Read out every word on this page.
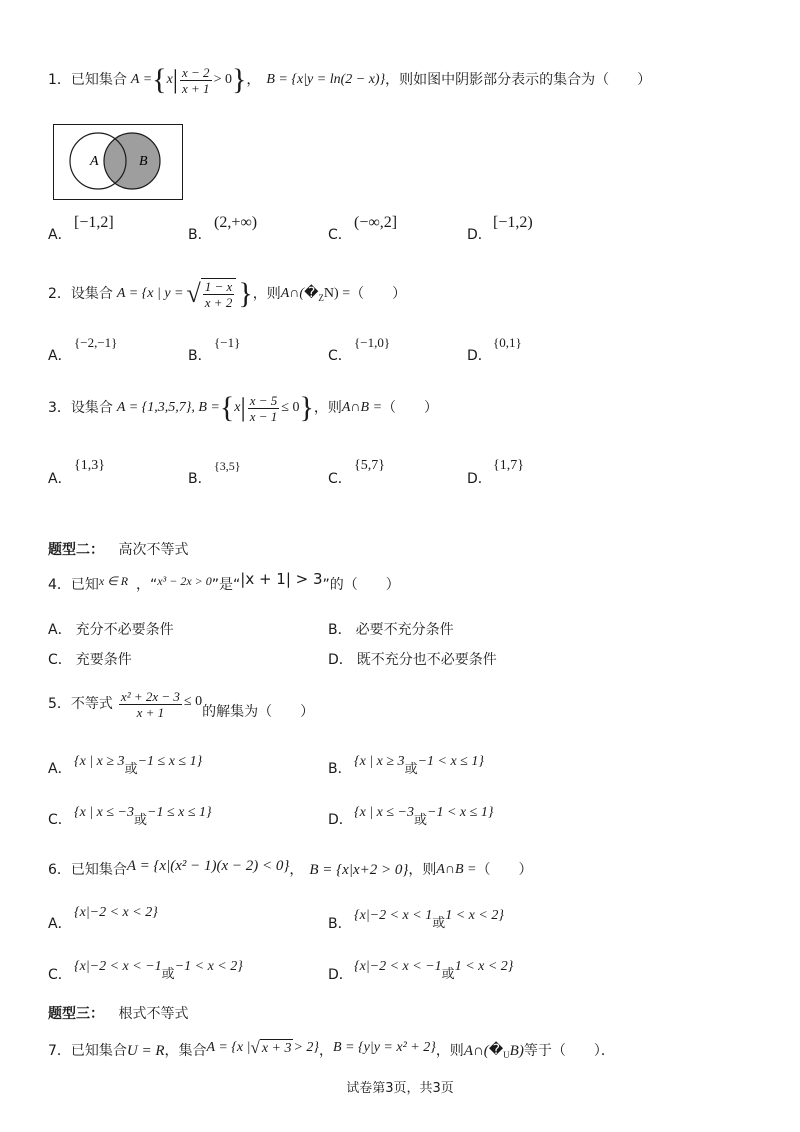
1． 已知集合 A = { x | $\frac{x - 2}{x + 1} > 0$ } ， B = {x|y = ln(2 − x)} ，则如图中阴影部分表示的集合为（　　）
A	B
A．
[−1,2]
B．
(2,+∞)
C．
(−∞,2]
D．
[−1,2)
2． 设集合 A = {x | y = √ $\frac{1 - x}{x + 2}$ } ，则 A∩( � Z N) = （　　）
A．
{−2,−1}
B．
{−1}
C．
{−1,0}
D．
{0,1}
3． 设集合 A = {1,3,5,7}, B = { x | $\frac{x - 5}{x - 1} \le 0$ } ，则 A∩B = （　　）
A．
{1,3}
B．
{3,5}
C．
{5,7}
D．
{1,7}
题型二： 高次不等式
4． 已知 x ∈ R ， “ x³ − 2x > 0 ”是“ |x + 1| > 3 ”的（　　）
A． 充分不必要条件	B． 必要不充分条件
C． 充要条件	D． 既不充分也不必要条件
5． 不等式 $\frac{\text{x² + 2x − 3}}{x + 1} \le 0$
的解集为（　　）
A． {x | x ≥ 3或−1 ≤ x ≤ 1}	B． {x | x ≥ 3或−1 < x ≤ 1}
C． {x | x ≤ −3或−1 ≤ x ≤ 1}	D． {x | x ≤ −3或−1 < x ≤ 1}
6． 已知集合 A = {x|(x² − 1)(x − 2) < 0} ， B = {x|x+2 > 0} ，则 A∩B = （　　）
A．
{x|−2 < x < 2}
B．
{x|−2 < x < 1或1 < x < 2}
C．
{x|−2 < x < −1或−1 < x < 2}
D．
{x|−2 < x < −1或1 < x < 2}
题型三： 根式不等式
7． 已知集合 U = R ，集合 A = {x | √ x + 3 > 2} ， B = {y|y = x² + 2} ，则 A∩( � U B) 等于（　　）．
试卷第3页，共3页
